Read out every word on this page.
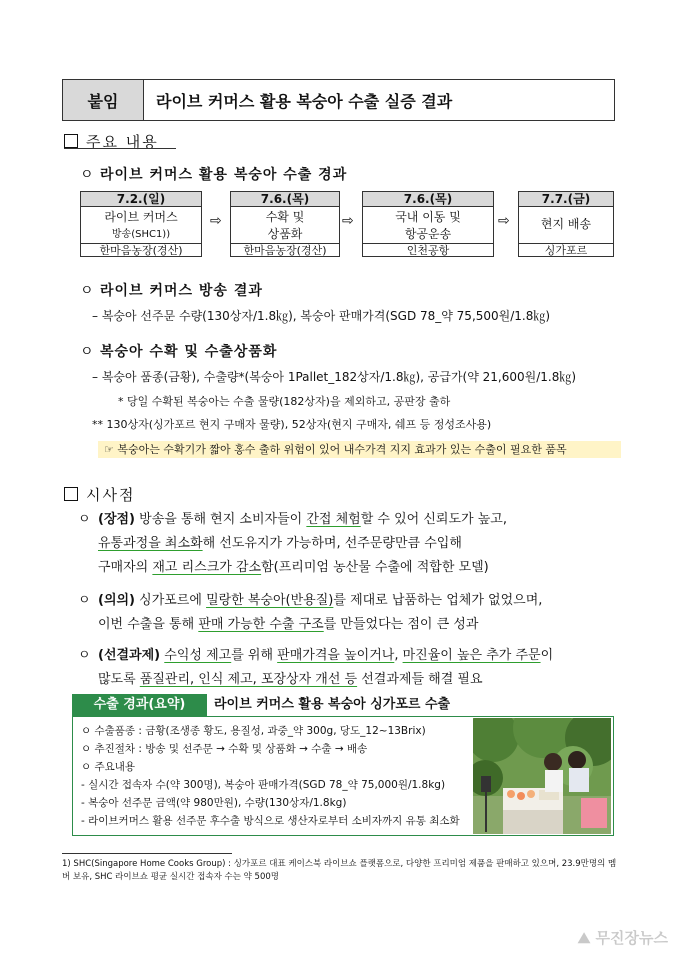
붙임	라이브 커머스 활용 복숭아 수출 실증 결과
주요 내용
ㅇ 라이브 커머스 활용 복숭아 수출 경과
7.2.(일)
라이브 커머스
방송(SHC1))
한마음농장(경산)
⇨
7.6.(목)
수확 및
상품화
한마음농장(경산)
⇨
7.6.(목)
국내 이동 및
항공운송
인천공항
⇨
7.7.(금)
현지 배송
싱가포르
ㅇ 라이브 커머스 방송 결과
– 복숭아 선주문 수량(130상자/1.8㎏), 복숭아 판매가격(SGD 78_약 75,500원/1.8㎏)
ㅇ 복숭아 수확 및 수출상품화
– 복숭아 품종(금황), 수출량*(복숭아 1Pallet_182상자/1.8㎏), 공급가(약 21,600원/1.8㎏)
* 당일 수확된 복숭아는 수출 물량(182상자)을 제외하고, 공판장 출하
** 130상자(싱가포르 현지 구매자 물량), 52상자(현지 구매자, 쉐프 등 정성조사용)
☞ 복숭아는 수확기가 짧아 홍수 출하 위험이 있어 내수가격 지지 효과가 있는 수출이 필요한 품목
시사점
ㅇ (장점) 방송을 통해 현지 소비자들이 간접 체험할 수 있어 신뢰도가 높고,
유통과정을 최소화해 선도유지가 가능하며, 선주문량만큼 수입해
구매자의 재고 리스크가 감소함(프리미엄 농산물 수출에 적합한 모델)
ㅇ (의의) 싱가포르에 밀랑한 복숭아(반용질)를 제대로 납품하는 업체가 없었으며,
이번 수출을 통해 판매 가능한 수출 구조를 만들었다는 점이 큰 성과
ㅇ (선결과제) 수익성 제고를 위해 판매가격을 높이거나, 마진율이 높은 추가 주문이
많도록 품질관리, 인식 제고, 포장상자 개선 등 선결과제들 해결 필요
수출 경과(요약)	라이브 커머스 활용 복숭아 싱가포르 수출
ㅇ 수출품종 : 금황(조생종 황도, 용질성, 과중_약 300g, 당도_12~13Brix)
ㅇ 추진절차 : 방송 및 선주문 → 수확 및 상품화 → 수출 → 배송
ㅇ 주요내용
- 실시간 접속자 수(약 300명), 복숭아 판매가격(SGD 78_약 75,000원/1.8kg)
- 복숭아 선주문 금액(약 980만원), 수량(130상자/1.8kg)
- 라이브커머스 활용 선주문 후수출 방식으로 생산자로부터 소비자까지 유통 최소화
1) SHC(Singapore Home Cooks Group) : 싱가포르 대표 케이스북 라이브쇼 플랫폼으로, 다양한 프리미엄 제품을 판매하고 있으며, 23.9만명의 멤버 보유, SHC 라이브쇼 평균 실시간 접속자 수는 약 500명
⛰ 무진장뉴스
